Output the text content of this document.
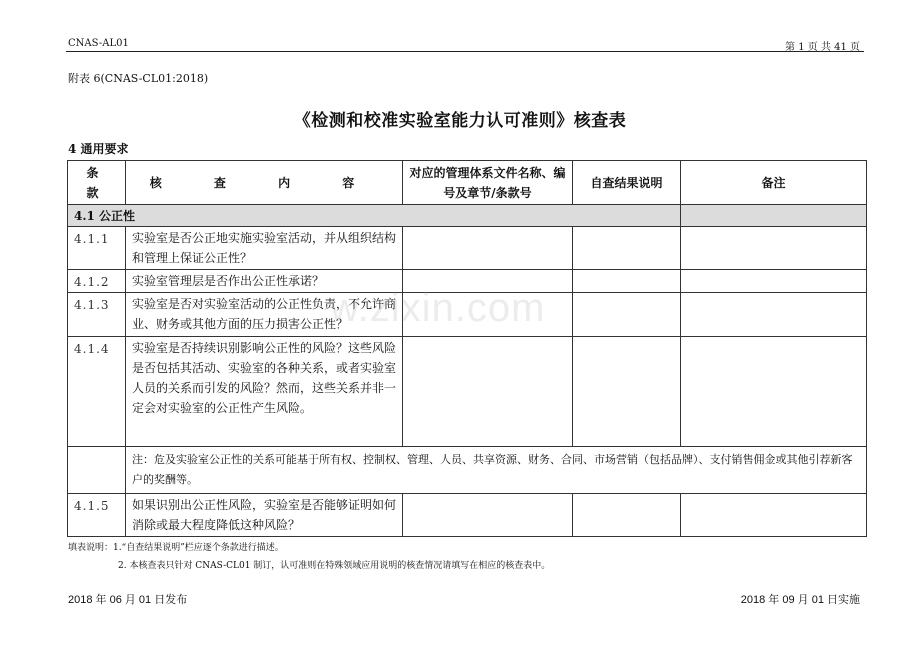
CNAS-AL01	第 1 页 共 41 页
附表 6(CNAS-CL01:2018)
《检测和校准实验室能力认可准则》核查表
4 通用要求
条 款	核 查 内 容	对应的管理体系文件名称、编号及章节/条款号	自查结果说明	备注
4.1 公正性				
4.1.1	实验室是否公正地实施实验室活动，并从组织结构和管理上保证公正性？			
4.1.2	实验室管理层是否作出公正性承诺？			
4.1.3	实验室是否对实验室活动的公正性负责，不允许商业、财务或其他方面的压力损害公正性？			
4.1.4	实验室是否持续识别影响公正性的风险？这些风险是否包括其活动、实验室的各种关系，或者实验室人员的关系而引发的风险？然而，这些关系并非一定会对实验室的公正性产生风险。			
	注：危及实验室公正性的关系可能基于所有权、控制权、管理、人员、共享资源、财务、合同、市场营销（包括品牌）、支付销售佣金或其他引荐新客户的奖酬等。			
4.1.5	如果识别出公正性风险，实验室是否能够证明如何消除或最大程度降低这种风险？			
w.zixin.com
填表说明：1.“自查结果说明”栏应逐个条款进行描述。
2. 本核查表只针对 CNAS-CL01 制订，认可准则在特殊领域应用说明的核查情况请填写在相应的核查表中。
2018 年 06 月 01 日发布	2018 年 09 月 01 日实施
